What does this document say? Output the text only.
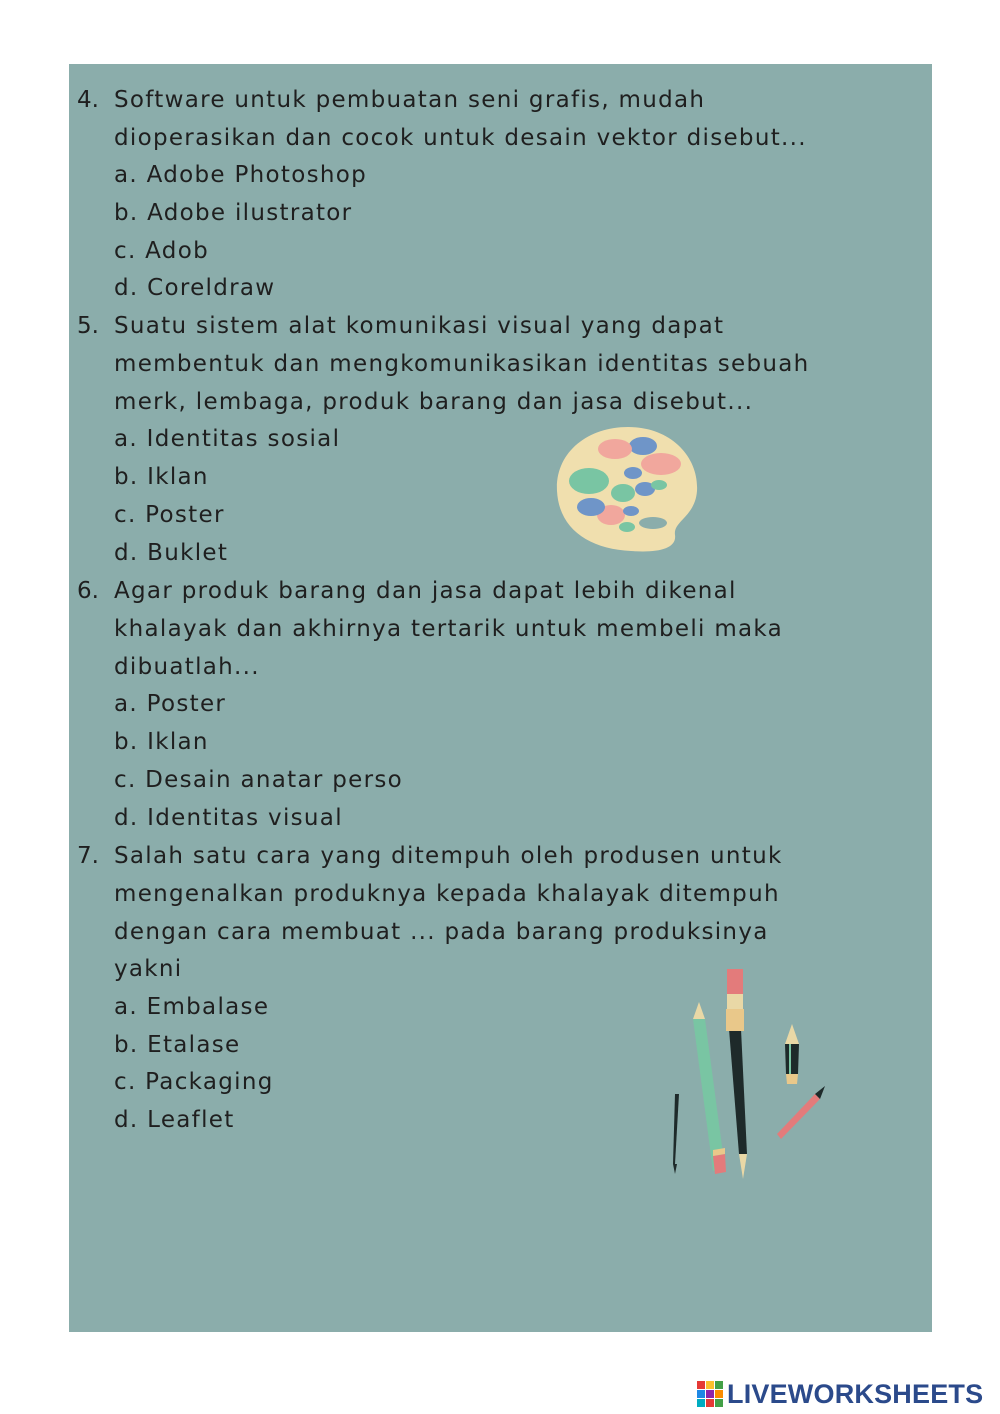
4. Software untuk pembuatan seni grafis, mudah
dioperasikan dan cocok untuk desain vektor disebut...
a. Adobe Photoshop
b. Adobe ilustrator
c. Adob
d. Coreldraw
5. Suatu sistem alat komunikasi visual yang dapat
membentuk dan mengkomunikasikan identitas sebuah
merk, lembaga, produk barang dan jasa disebut...
a. Identitas sosial
b. Iklan
c. Poster
d. Buklet
6. Agar produk barang dan jasa dapat lebih dikenal
khalayak dan akhirnya tertarik untuk membeli maka
dibuatlah...
a. Poster
b. Iklan
c. Desain anatar perso
d. Identitas visual
7. Salah satu cara yang ditempuh oleh produsen untuk
mengenalkan produknya kepada khalayak ditempuh
dengan cara membuat ... pada barang produksinya
yakni
a. Embalase
b. Etalase
c. Packaging
d. Leaflet
LIVEWORKSHEETS
